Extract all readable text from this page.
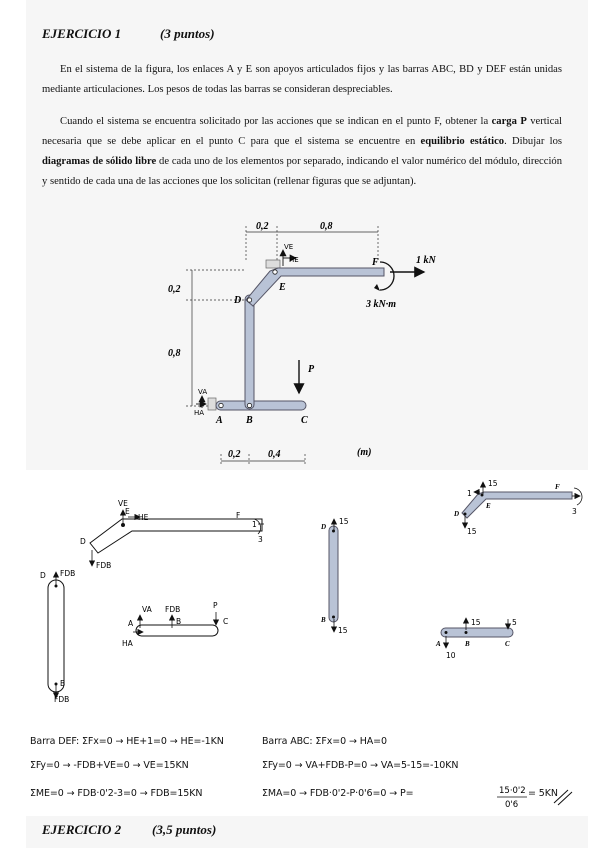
EJERCICIO 1	(3 puntos)
En el sistema de la figura, los enlaces A y E son apoyos articulados fijos y las barras ABC, BD y DEF están unidas mediante articulaciones. Los pesos de todas las barras se consideran despreciables.
Cuando el sistema se encuentra solicitado por las acciones que se indican en el punto F, obtener la carga P vertical necesaria que se debe aplicar en el punto C para que el sistema se encuentre en equilibrio estático. Dibujar los diagramas de sólido libre de cada uno de los elementos por separado, indicando el valor numérico del módulo, dirección y sentido de cada una de las acciones que los solicitan (rellenar figuras que se adjuntan).
0,2	0,8
0,2
0,8
0,2	0,4	(m)
A B	C
D
E
F
P
1 kN
3 kN·m
VE
HE
VA
HA
VE
HE
E	F
D
FDB
1
3
D FDB
B
FDB
VA FDB	P
A	B	C
HA
D
B
15
15
15
1
15
3
F
D
E
15	5
10
A	B	C
15·0'2
0'6
Barra DEF: ΣFx=0 → HE+1=0 → HE=-1KN	Barra ABC: ΣFx=0 → HA=0
ΣFy=0 → -FDB+VE=0 → VE=15KN	ΣFy=0 → VA+FDB-P=0 → VA=5-15=-10KN
ΣME=0 → FDB·0'2-3=0 → FDB=15KN	ΣMA=0 → FDB·0'2-P·0'6=0 → P=	= 5KN
EJERCICIO 2 (3,5 puntos)
